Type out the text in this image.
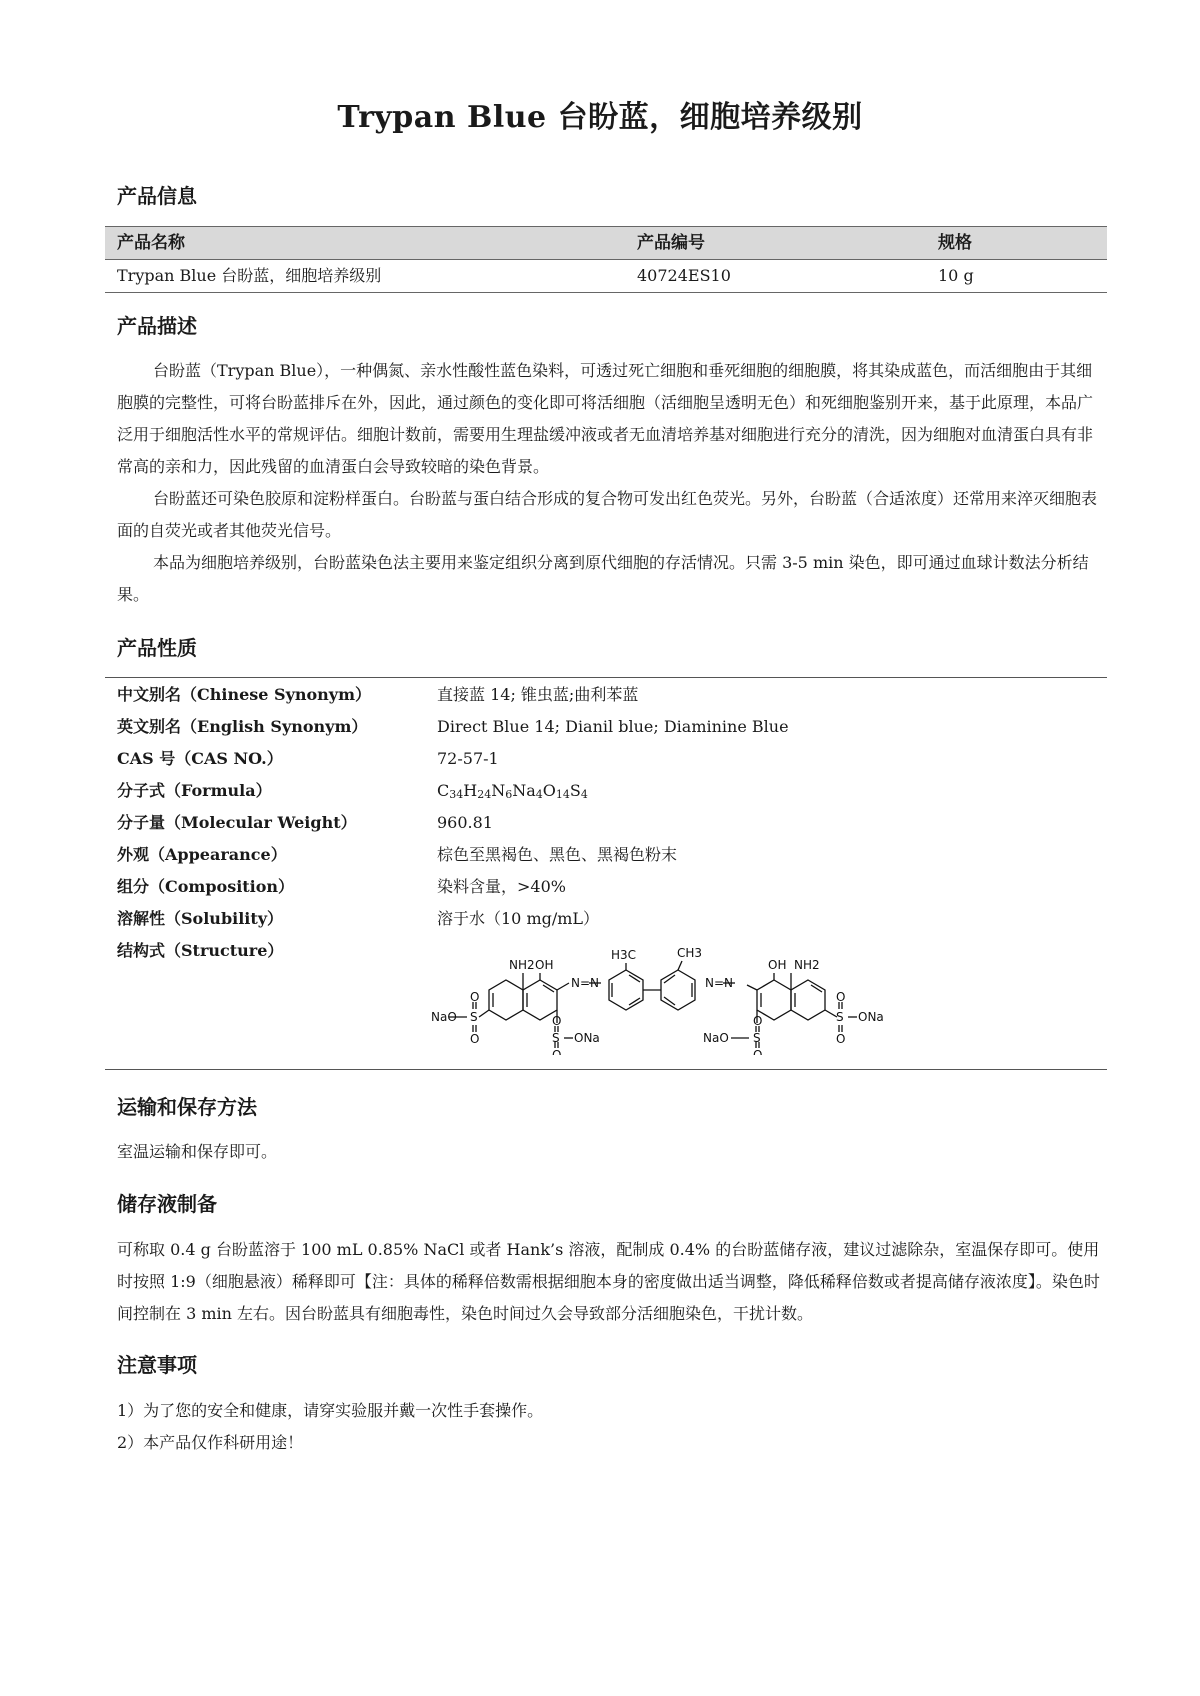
Trypan Blue 台盼蓝，细胞培养级别
产品信息
产品名称	产品编号	规格
Trypan Blue 台盼蓝，细胞培养级别	40724ES10	10 g
产品描述

台盼蓝（Trypan Blue），一种偶氮、亲水性酸性蓝色染料，可透过死亡细胞和垂死细胞的细胞膜，将其染成蓝色，而活细胞由于其细胞膜的完整性，可将台盼蓝排斥在外，因此，通过颜色的变化即可将活细胞（活细胞呈透明无色）和死细胞鉴别开来，基于此原理，本品广泛用于细胞活性水平的常规评估。细胞计数前，需要用生理盐缓冲液或者无血清培养基对细胞进行充分的清洗，因为细胞对血清蛋白具有非常高的亲和力，因此残留的血清蛋白会导致较暗的染色背景。

台盼蓝还可染色胶原和淀粉样蛋白。台盼蓝与蛋白结合形成的复合物可发出红色荧光。另外，台盼蓝（合适浓度）还常用来淬灭细胞表面的自荧光或者其他荧光信号。

本品为细胞培养级别，台盼蓝染色法主要用来鉴定组织分离到原代细胞的存活情况。只需 3-5 min 染色，即可通过血球计数法分析结果。

产品性质
中文别名（Chinese Synonym）	直接蓝 14; 锥虫蓝;曲利苯蓝
英文别名（English Synonym）	Direct Blue 14; Dianil blue; Diaminine Blue
CAS 号（CAS NO.）	72-57-1
分子式（Formula）	$C_{34}H_{24}N_6Na_4O_{14}S_4$
分子量（Molecular Weight）	960.81
外观（Appearance）	棕色至黑褐色、黑色、黑褐色粉末
组分（Composition）	染料含量，>40%
溶解性（Solubility）	溶于水（10 mg/mL）
结构式（Structure）
NH2 OH
N=N
H3C	CH3
N=N
OH NH2
NaO S
O
O	S
O
O
ONa	NaO S
O
O
S
O
O
ONa
运输和保存方法
室温运输和保存即可。
储存液制备

可称取 0.4 g 台盼蓝溶于 100 mL 0.85% NaCl 或者 Hank’s 溶液，配制成 0.4% 的台盼蓝储存液，建议过滤除杂，室温保存即可。使用时按照 1:9（细胞悬液）稀释即可【注：具体的稀释倍数需根据细胞本身的密度做出适当调整，降低稀释倍数或者提高储存液浓度】。染色时间控制在 3 min 左右。因台盼蓝具有细胞毒性，染色时间过久会导致部分活细胞染色，干扰计数。

注意事项
1）为了您的安全和健康，请穿实验服并戴一次性手套操作。
2）本产品仅作科研用途！
